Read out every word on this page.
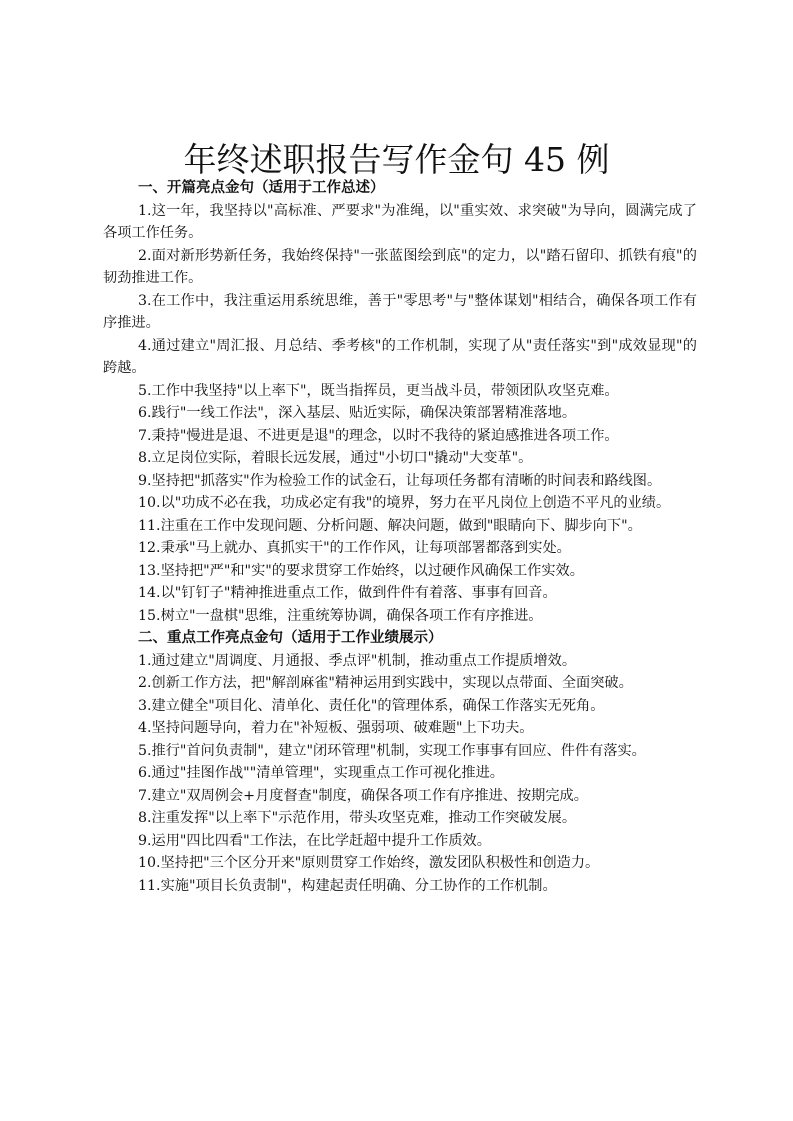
年终述职报告写作金句 45 例

一、开篇亮点金句（适用于工作总述）

1.这一年，我坚持以"高标准、严要求"为准绳，以"重实效、求突破"为导向，圆满完成了各项工作任务。

2.面对新形势新任务，我始终保持"一张蓝图绘到底"的定力，以"踏石留印、抓铁有痕"的韧劲推进工作。

3.在工作中，我注重运用系统思维，善于"零思考"与"整体谋划"相结合，确保各项工作有序推进。

4.通过建立"周汇报、月总结、季考核"的工作机制，实现了从"责任落实"到"成效显现"的跨越。

5.工作中我坚持"以上率下"，既当指挥员，更当战斗员，带领团队攻坚克难。

6.践行"一线工作法"，深入基层、贴近实际，确保决策部署精准落地。

7.秉持"慢进是退、不进更是退"的理念，以时不我待的紧迫感推进各项工作。

8.立足岗位实际，着眼长远发展，通过"小切口"撬动"大变革"。

9.坚持把"抓落实"作为检验工作的试金石，让每项任务都有清晰的时间表和路线图。

10.以"功成不必在我，功成必定有我"的境界，努力在平凡岗位上创造不平凡的业绩。

11.注重在工作中发现问题、分析问题、解决问题，做到"眼睛向下、脚步向下"。

12.秉承"马上就办、真抓实干"的工作作风，让每项部署都落到实处。

13.坚持把"严"和"实"的要求贯穿工作始终，以过硬作风确保工作实效。

14.以"钉钉子"精神推进重点工作，做到件件有着落、事事有回音。

15.树立"一盘棋"思维，注重统筹协调，确保各项工作有序推进。

二、重点工作亮点金句（适用于工作业绩展示）

1.通过建立"周调度、月通报、季点评"机制，推动重点工作提质增效。

2.创新工作方法，把"解剖麻雀"精神运用到实践中，实现以点带面、全面突破。

3.建立健全"项目化、清单化、责任化"的管理体系，确保工作落实无死角。

4.坚持问题导向，着力在"补短板、强弱项、破难题"上下功夫。

5.推行"首问负责制"，建立"闭环管理"机制，实现工作事事有回应、件件有落实。

6.通过"挂图作战""清单管理"，实现重点工作可视化推进。

7.建立"双周例会+月度督查"制度，确保各项工作有序推进、按期完成。

8.注重发挥"以上率下"示范作用，带头攻坚克难，推动工作突破发展。

9.运用"四比四看"工作法，在比学赶超中提升工作质效。

10.坚持把"三个区分开来"原则贯穿工作始终，激发团队积极性和创造力。

11.实施"项目长负责制"，构建起责任明确、分工协作的工作机制。
